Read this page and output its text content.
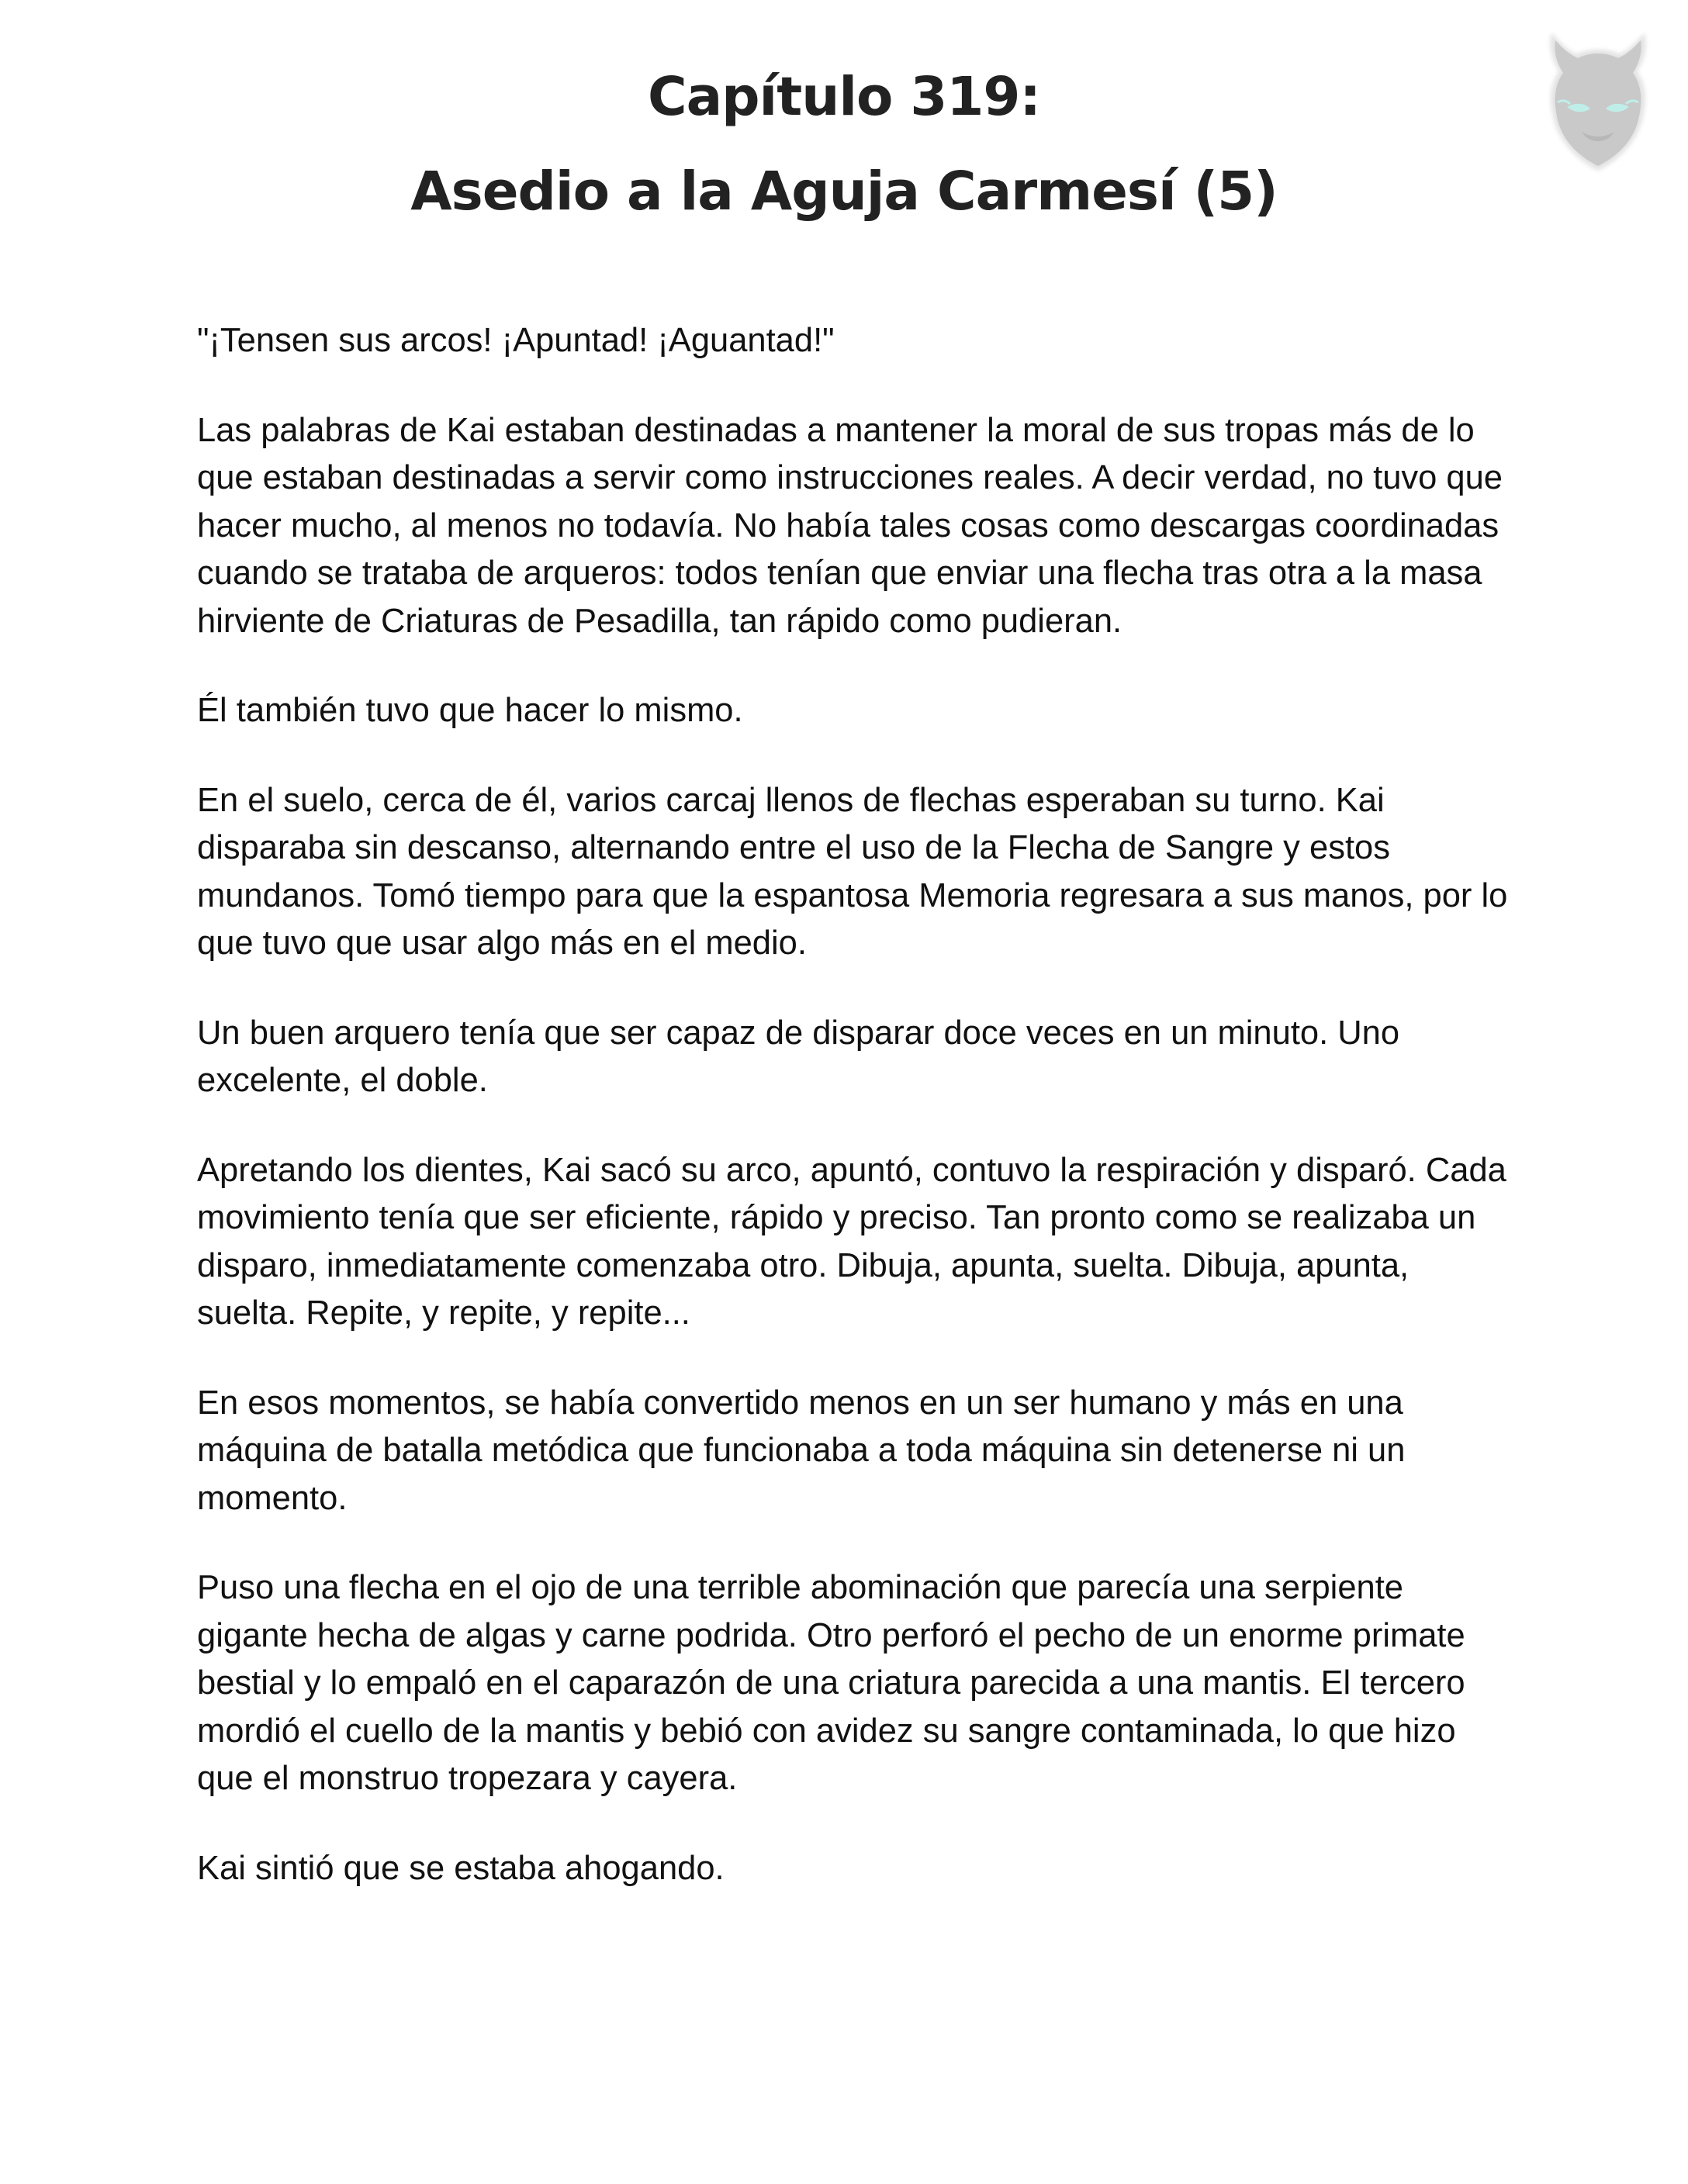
Capítulo 319:
Asedio a la Aguja Carmesí (5)

"¡Tensen sus arcos! ¡Apuntad! ¡Aguantad!"

Las palabras de Kai estaban destinadas a mantener la moral de sus tropas más de lo que estaban destinadas a servir como instrucciones reales. A decir verdad, no tuvo que hacer mucho, al menos no todavía. No había tales cosas como descargas coordinadas cuando se trataba de arqueros: todos tenían que enviar una flecha tras otra a la masa hirviente de Criaturas de Pesadilla, tan rápido como pudieran.

Él también tuvo que hacer lo mismo.

En el suelo, cerca de él, varios carcaj llenos de flechas esperaban su turno. Kai disparaba sin descanso, alternando entre el uso de la Flecha de Sangre y estos mundanos. Tomó tiempo para que la espantosa Memoria regresara a sus manos, por lo que tuvo que usar algo más en el medio.

Un buen arquero tenía que ser capaz de disparar doce veces en un minuto. Uno excelente, el doble.

Apretando los dientes, Kai sacó su arco, apuntó, contuvo la respiración y disparó. Cada movimiento tenía que ser eficiente, rápido y preciso. Tan pronto como se realizaba un disparo, inmediatamente comenzaba otro. Dibuja, apunta, suelta. Dibuja, apunta, suelta. Repite, y repite, y repite...

En esos momentos, se había convertido menos en un ser humano y más en una máquina de batalla metódica que funcionaba a toda máquina sin detenerse ni un momento.

Puso una flecha en el ojo de una terrible abominación que parecía una serpiente gigante hecha de algas y carne podrida. Otro perforó el pecho de un enorme primate bestial y lo empaló en el caparazón de una criatura parecida a una mantis. El tercero mordió el cuello de la mantis y bebió con avidez su sangre contaminada, lo que hizo que el monstruo tropezara y cayera.

Kai sintió que se estaba ahogando.
